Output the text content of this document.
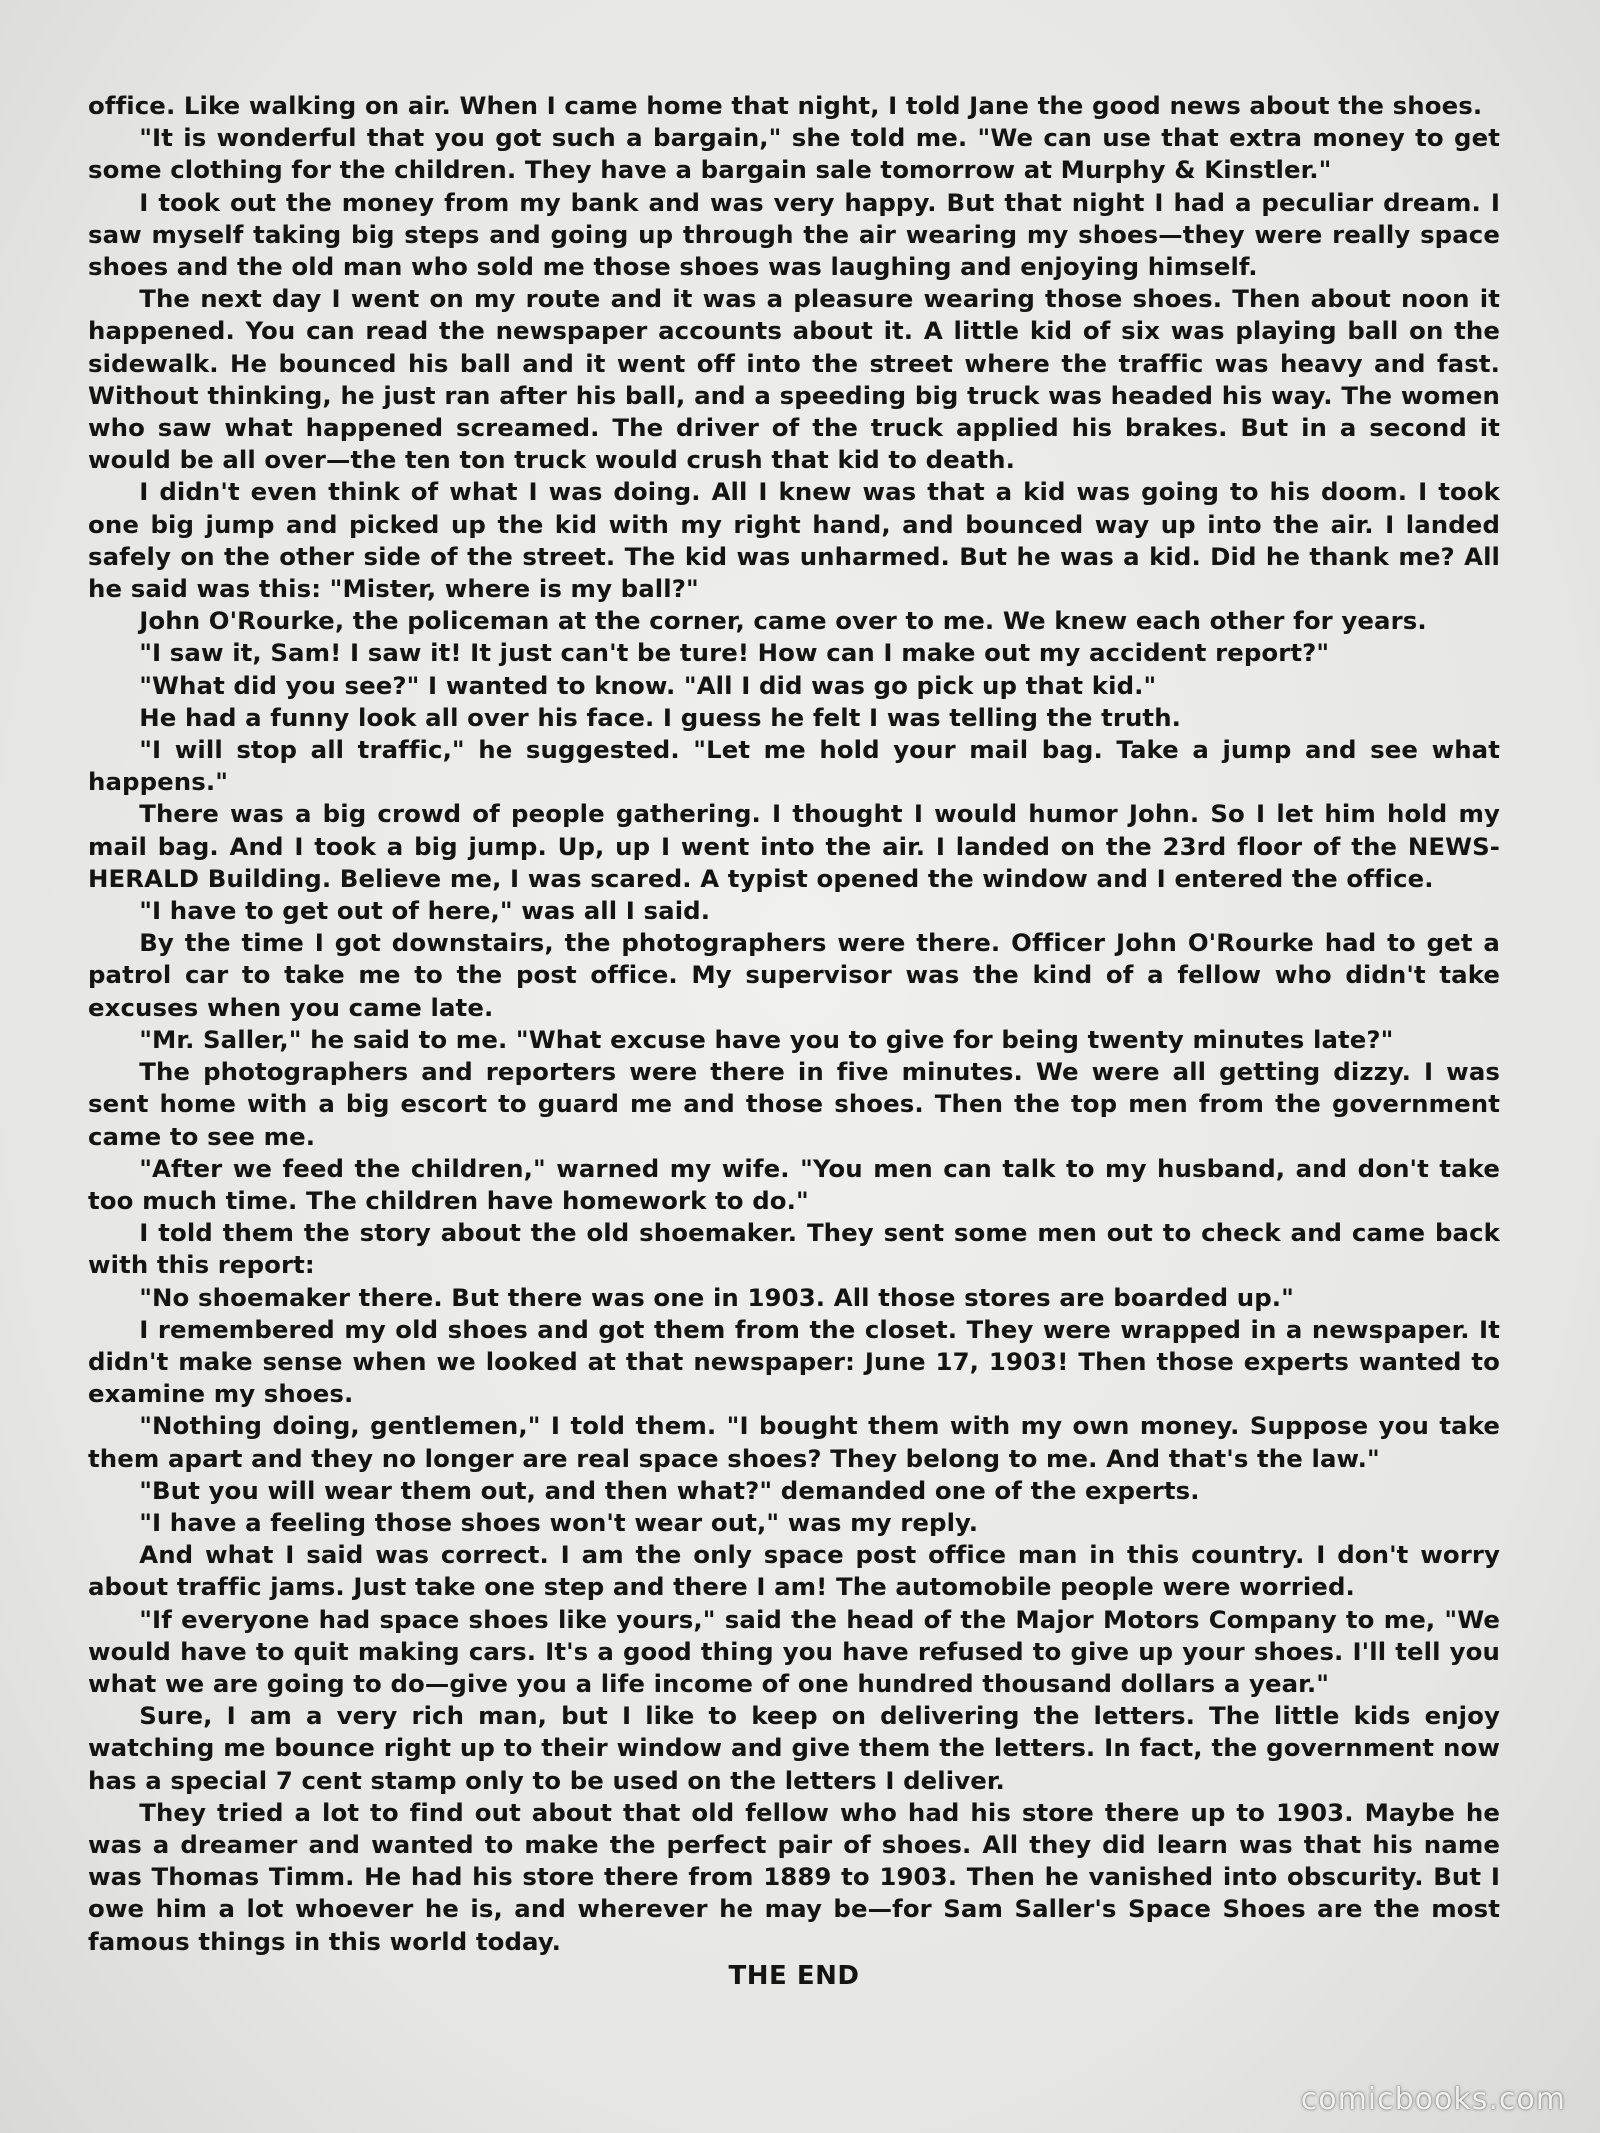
office. Like walking on air. When I came home that night, I told Jane the good news about the shoes.

"It is wonderful that you got such a bargain," she told me. "We can use that extra money to get some clothing for the children. They have a bargain sale tomorrow at Murphy & Kinstler."

I took out the money from my bank and was very happy. But that night I had a peculiar dream. I saw myself taking big steps and going up through the air wearing my shoes—they were really space shoes and the old man who sold me those shoes was laughing and enjoying himself.

The next day I went on my route and it was a pleasure wearing those shoes. Then about noon it happened. You can read the newspaper accounts about it. A little kid of six was playing ball on the sidewalk. He bounced his ball and it went off into the street where the traffic was heavy and fast. Without thinking, he just ran after his ball, and a speeding big truck was headed his way. The women who saw what happened screamed. The driver of the truck applied his brakes. But in a second it would be all over—the ten ton truck would crush that kid to death.

I didn't even think of what I was doing. All I knew was that a kid was going to his doom. I took one big jump and picked up the kid with my right hand, and bounced way up into the air. I landed safely on the other side of the street. The kid was unharmed. But he was a kid. Did he thank me? All he said was this: "Mister, where is my ball?"

John O'Rourke, the policeman at the corner, came over to me. We knew each other for years.

"I saw it, Sam! I saw it! It just can't be ture! How can I make out my accident report?"

"What did you see?" I wanted to know. "All I did was go pick up that kid."

He had a funny look all over his face. I guess he felt I was telling the truth.

"I will stop all traffic," he suggested. "Let me hold your mail bag. Take a jump and see what happens."

There was a big crowd of people gathering. I thought I would humor John. So I let him hold my mail bag. And I took a big jump. Up, up I went into the air. I landed on the 23rd floor of the NEWS-HERALD Building. Believe me, I was scared. A typist opened the window and I entered the office.

"I have to get out of here," was all I said.

By the time I got downstairs, the photographers were there. Officer John O'Rourke had to get a patrol car to take me to the post office. My supervisor was the kind of a fellow who didn't take excuses when you came late.

"Mr. Saller," he said to me. "What excuse have you to give for being twenty minutes late?"

The photographers and reporters were there in five minutes. We were all getting dizzy. I was sent home with a big escort to guard me and those shoes. Then the top men from the government came to see me.

"After we feed the children," warned my wife. "You men can talk to my husband, and don't take too much time. The children have homework to do."

I told them the story about the old shoemaker. They sent some men out to check and came back with this report:

"No shoemaker there. But there was one in 1903. All those stores are boarded up."

I remembered my old shoes and got them from the closet. They were wrapped in a newspaper. It didn't make sense when we looked at that newspaper: June 17, 1903! Then those experts wanted to examine my shoes.

"Nothing doing, gentlemen," I told them. "I bought them with my own money. Suppose you take them apart and they no longer are real space shoes? They belong to me. And that's the law."

"But you will wear them out, and then what?" demanded one of the experts.

"I have a feeling those shoes won't wear out," was my reply.

And what I said was correct. I am the only space post office man in this country. I don't worry about traffic jams. Just take one step and there I am! The automobile people were worried.

"If everyone had space shoes like yours," said the head of the Major Motors Company to me, "We would have to quit making cars. It's a good thing you have refused to give up your shoes. I'll tell you what we are going to do—give you a life income of one hundred thousand dollars a year."

Sure, I am a very rich man, but I like to keep on delivering the letters. The little kids enjoy watching me bounce right up to their window and give them the letters. In fact, the government now has a special 7 cent stamp only to be used on the letters I deliver.

They tried a lot to find out about that old fellow who had his store there up to 1903. Maybe he was a dreamer and wanted to make the perfect pair of shoes. All they did learn was that his name was Thomas Timm. He had his store there from 1889 to 1903. Then he vanished into obscurity. But I owe him a lot whoever he is, and wherever he may be—for Sam Saller's Space Shoes are the most famous things in this world today.

THE END
comicbooks.com
